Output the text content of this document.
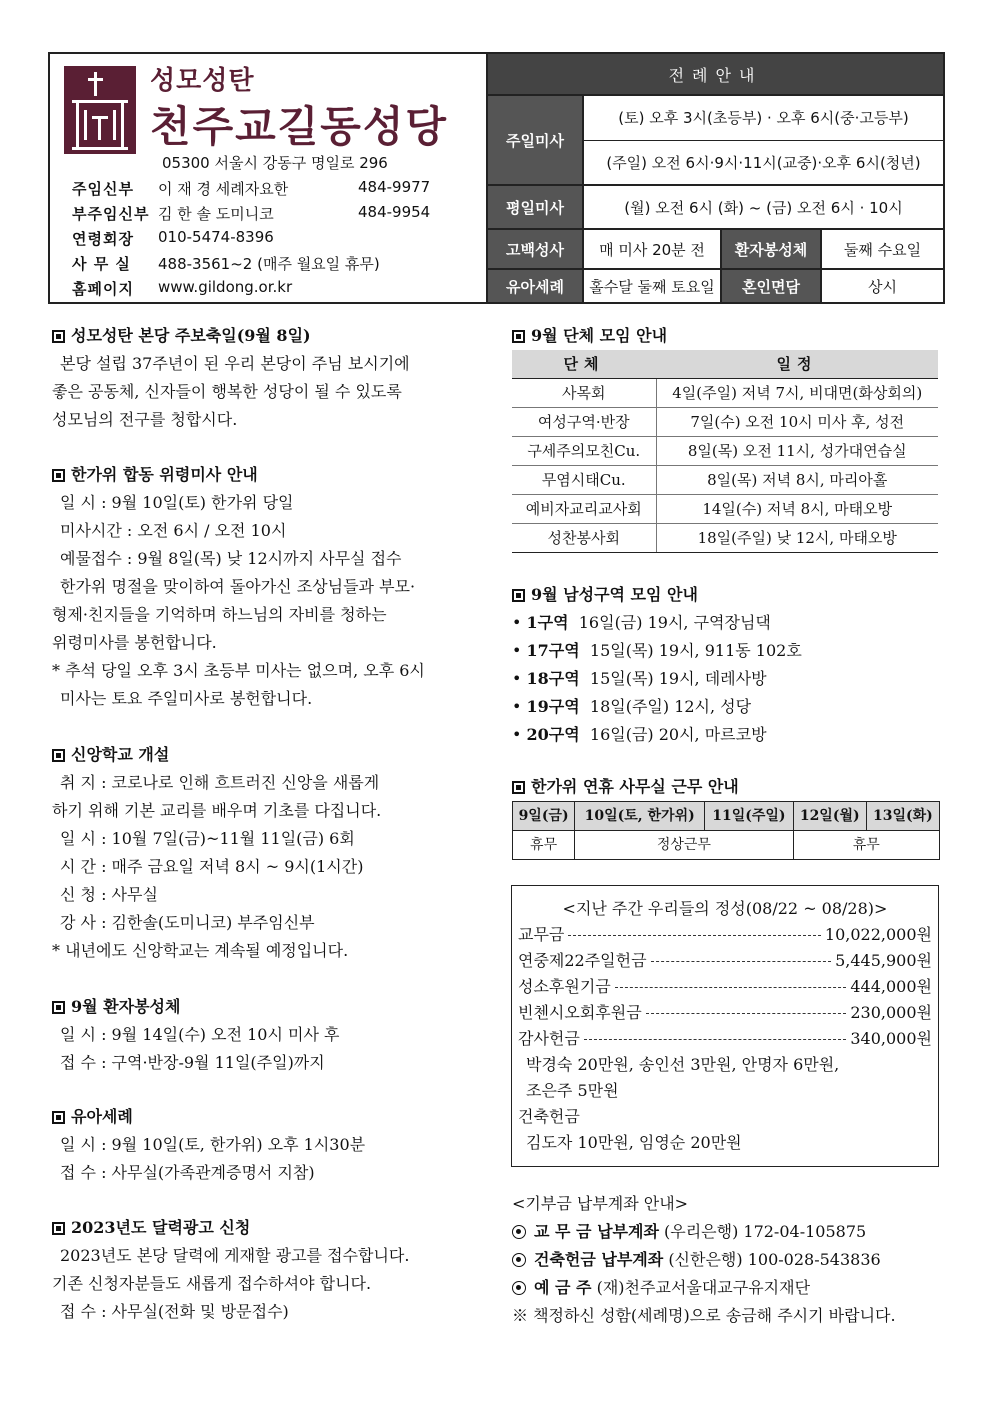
성모성탄
천주교길동성당
05300 서울시 강동구 명일로 296
주임신부	이 재 경 세례자요한	484-9977
부주임신부 김 한 솔 도미니코	484-9954
연령회장	010-5474-8396
사 무 실	488-3561~2 (매주 월요일 휴무)
홈페이지	www.gildong.or.kr
전례안내
주일미사
(토) 오후 3시(초등부) · 오후 6시(중·고등부)
(주일) 오전 6시·9시·11시(교중)·오후 6시(청년)
평일미사	(월) 오전 6시 (화) ~ (금) 오전 6시 · 10시
고백성사	매 미사 20분 전	환자봉성체	둘째 수요일
유아세례	홀수달 둘째 토요일	혼인면담	상시
성모성탄 본당 주보축일(9월 8일)
본당 설립 37주년이 된 우리 본당이 주님 보시기에
좋은 공동체, 신자들이 행복한 성당이 될 수 있도록
성모님의 전구를 청합시다.
한가위 합동 위령미사 안내
일 시 : 9월 10일(토) 한가위 당일
미사시간 : 오전 6시 / 오전 10시
예물접수 : 9월 8일(목) 낮 12시까지 사무실 접수
한가위 명절을 맞이하여 돌아가신 조상님들과 부모·
형제·친지들을 기억하며 하느님의 자비를 청하는
위령미사를 봉헌합니다.
* 추석 당일 오후 3시 초등부 미사는 없으며, 오후 6시
미사는 토요 주일미사로 봉헌합니다.
신앙학교 개설
취 지 : 코로나로 인해 흐트러진 신앙을 새롭게
하기 위해 기본 교리를 배우며 기초를 다집니다.
일 시 : 10월 7일(금)~11월 11일(금) 6회
시 간 : 매주 금요일 저녁 8시 ~ 9시(1시간)
신 청 : 사무실
강 사 : 김한솔(도미니코) 부주임신부
* 내년에도 신앙학교는 계속될 예정입니다.
9월 환자봉성체
일 시 : 9월 14일(수) 오전 10시 미사 후
접 수 : 구역·반장-9월 11일(주일)까지
유아세례
일 시 : 9월 10일(토, 한가위) 오후 1시30분
접 수 : 사무실(가족관계증명서 지참)
2023년도 달력광고 신청
2023년도 본당 달력에 게재할 광고를 접수합니다.
기존 신청자분들도 새롭게 접수하셔야 합니다.
접 수 : 사무실(전화 및 방문접수)
9월 단체 모임 안내
단체	일정
사목회	4일(주일) 저녁 7시, 비대면(화상회의)
여성구역·반장	7일(수) 오전 10시 미사 후, 성전
구세주의모친Cu.	8일(목) 오전 11시, 성가대연습실
무염시태Cu.	8일(목) 저녁 8시, 마리아홀
예비자교리교사회	14일(수) 저녁 8시, 마태오방
성찬봉사회	18일(주일) 낮 12시, 마태오방
9월 남성구역 모임 안내
• 1구역 16일(금) 19시, 구역장님댁
• 17구역 15일(목) 19시, 911동 102호
• 18구역 15일(목) 19시, 데레사방
• 19구역 18일(주일) 12시, 성당
• 20구역 16일(금) 20시, 마르코방
한가위 연휴 사무실 근무 안내
9일(금)	10일(토, 한가위)	11일(주일)	12일(월)	13일(화)
휴무	정상근무		휴무	
<지난 주간 우리들의 정성(08/22 ~ 08/28)>
교무금	10,022,000원
연중제22주일헌금	5,445,900원
성소후원기금	444,000원
빈첸시오회후원금	230,000원
감사헌금	340,000원
박경숙 20만원, 송인선 3만원, 안명자 6만원,
조은주 5만원
건축헌금
김도자 10만원, 임영순 20만원
<기부금 납부계좌 안내>
교 무 금 납부계좌 (우리은행) 172-04-105875
건축헌금 납부계좌 (신한은행) 100-028-543836
예 금 주 (재)천주교서울대교구유지재단
※ 책정하신 성함(세례명)으로 송금해 주시기 바랍니다.
